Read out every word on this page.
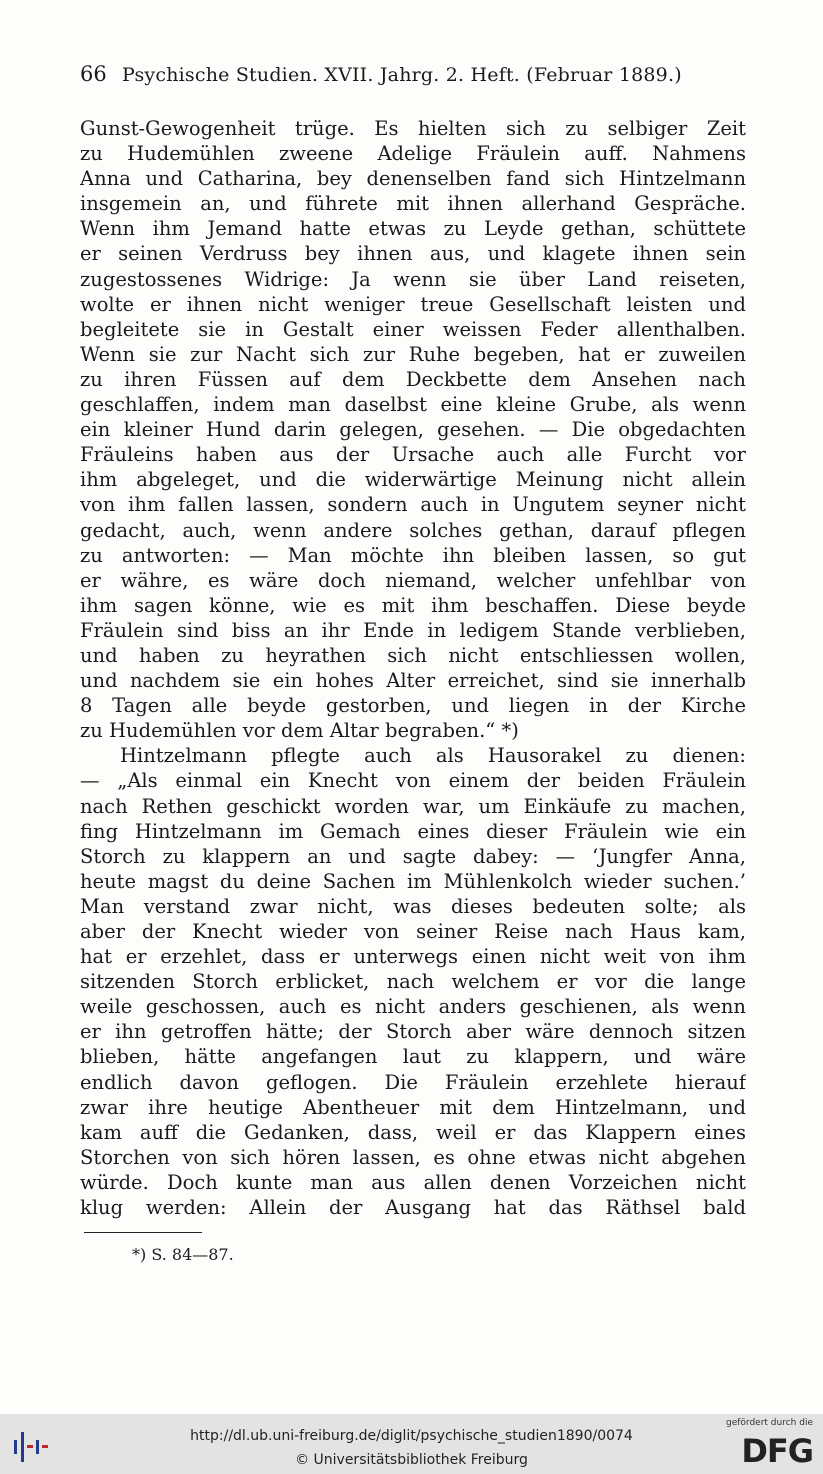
66 Psychische Studien. XVII. Jahrg. 2. Heft. (Februar 1889.)
Gunst-Gewogenheit trüge. Es hielten sich zu selbiger Zeit
zu Hudemühlen zweene Adelige Fräulein auff. Nahmens
Anna und Catharina, bey denenselben fand sich Hintzelmann
insgemein an, und führete mit ihnen allerhand Gespräche.
Wenn ihm Jemand hatte etwas zu Leyde gethan, schüttete
er seinen Verdruss bey ihnen aus, und klagete ihnen sein
zugestossenes Widrige: Ja wenn sie über Land reiseten,
wolte er ihnen nicht weniger treue Gesellschaft leisten und
begleitete sie in Gestalt einer weissen Feder allenthalben.
Wenn sie zur Nacht sich zur Ruhe begeben, hat er zuweilen
zu ihren Füssen auf dem Deckbette dem Ansehen nach
geschlaffen, indem man daselbst eine kleine Grube, als wenn
ein kleiner Hund darin gelegen, gesehen. — Die obgedachten
Fräuleins haben aus der Ursache auch alle Furcht vor
ihm abgeleget, und die widerwärtige Meinung nicht allein
von ihm fallen lassen, sondern auch in Ungutem seyner nicht
gedacht, auch, wenn andere solches gethan, darauf pflegen
zu antworten: — Man möchte ihn bleiben lassen, so gut
er währe, es wäre doch niemand, welcher unfehlbar von
ihm sagen könne, wie es mit ihm beschaffen. Diese beyde
Fräulein sind biss an ihr Ende in ledigem Stande verblieben,
und haben zu heyrathen sich nicht entschliessen wollen,
und nachdem sie ein hohes Alter erreichet, sind sie innerhalb
8 Tagen alle beyde gestorben, und liegen in der Kirche
zu Hudemühlen vor dem Altar begraben.“ *)
Hintzelmann pflegte auch als Hausorakel zu dienen:
— „Als einmal ein Knecht von einem der beiden Fräulein
nach Rethen geschickt worden war, um Einkäufe zu machen,
fing Hintzelmann im Gemach eines dieser Fräulein wie ein
Storch zu klappern an und sagte dabey: — ‘Jungfer Anna,
heute magst du deine Sachen im Mühlenkolch wieder suchen.’
Man verstand zwar nicht, was dieses bedeuten solte; als
aber der Knecht wieder von seiner Reise nach Haus kam,
hat er erzehlet, dass er unterwegs einen nicht weit von ihm
sitzenden Storch erblicket, nach welchem er vor die lange
weile geschossen, auch es nicht anders geschienen, als wenn
er ihn getroffen hätte; der Storch aber wäre dennoch sitzen
blieben, hätte angefangen laut zu klappern, und wäre
endlich davon geflogen. Die Fräulein erzehlete hierauf
zwar ihre heutige Abentheuer mit dem Hintzelmann, und
kam auff die Gedanken, dass, weil er das Klappern eines
Storchen von sich hören lassen, es ohne etwas nicht abgehen
würde. Doch kunte man aus allen denen Vorzeichen nicht
klug werden: Allein der Ausgang hat das Räthsel bald
*) S. 84—87.
http://dl.ub.uni-freiburg.de/diglit/psychische_studien1890/0074
© Universitätsbibliothek Freiburg
gefördert durch die
DFG
